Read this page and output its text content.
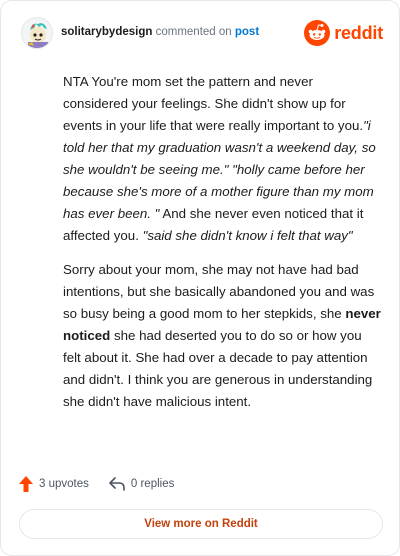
solitarybydesign commented on post	reddit

NTA You're mom set the pattern and never considered your feelings. She didn't show up for events in your life that were really important to you."i told her that my graduation wasn't a weekend day, so she wouldn't be seeing me." "holly came before her because she's more of a mother figure than my mom has ever been. " And she never even noticed that it affected you. "said she didn't know i felt that way"

Sorry about your mom, she may not have had bad intentions, but she basically abandoned you and was so busy being a good mom to her stepkids, she never noticed she had deserted you to do so or how you felt about it. She had over a decade to pay attention and didn't. I think you are generous in understanding she didn't have malicious intent.

3 upvotes	0 replies
View more on Reddit
